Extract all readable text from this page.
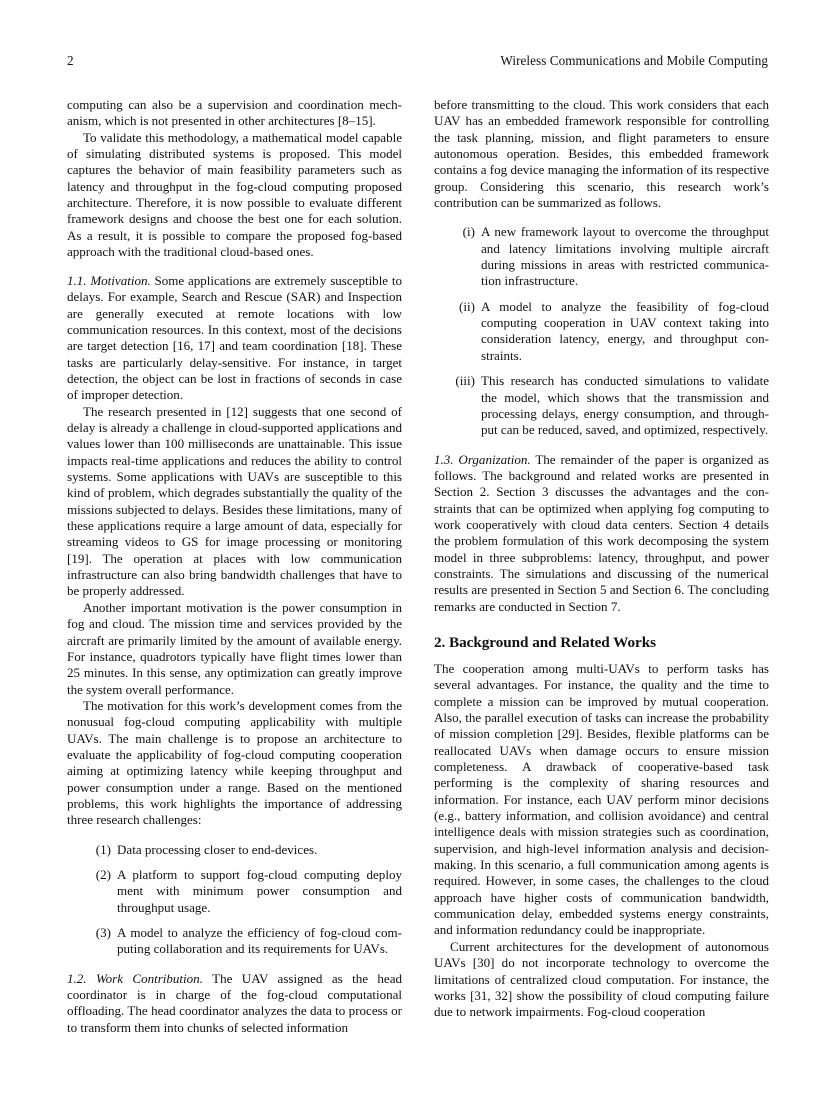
2	Wireless Communications and Mobile Computing

computing can also be a supervision and coordination mech anism, which is not presented in other architectures [8–15].

To validate this methodology, a mathematical model capable of simulating distributed systems is proposed. This model captures the behavior of main feasibility parameters such as latency and throughput in the fog-cloud computing proposed architecture. Therefore, it is now possible to evaluate different framework designs and choose the best one for each solution. As a result, it is possible to compare the proposed fog-based approach with the traditional cloud-based ones.

1.1. Motivation. Some applications are extremely susceptible to delays. For example, Search and Rescue (SAR) and Inspection are generally executed at remote locations with low communication resources. In this context, most of the decisions are target detection [16, 17] and team coordination [18]. These tasks are particularly delay-sensitive. For instance, in target detection, the object can be lost in fractions of seconds in case of improper detection.

The research presented in [12] suggests that one second of delay is already a challenge in cloud-supported applications and values lower than 100 milliseconds are unattainable. This issue impacts real-time applications and reduces the ability to control systems. Some applications with UAVs are susceptible to this kind of problem, which degrades substantially the quality of the missions subjected to delays. Besides these limitations, many of these applications require a large amount of data, especially for streaming videos to GS for image processing or monitoring [19]. The operation at places with low communication infrastructure can also bring bandwidth challenges that have to be properly addressed.

Another important motivation is the power consumption in fog and cloud. The mission time and services provided by the aircraft are primarily limited by the amount of available energy. For instance, quadrotors typically have flight times lower than 25 minutes. In this sense, any optimization can greatly improve the system overall performance.

The motivation for this work’s development comes from the nonusual fog-cloud computing applicability with multiple UAVs. The main challenge is to propose an architecture to evaluate the applicability of fog-cloud computing cooperation aiming at optimizing latency while keeping throughput and power consumption under a range. Based on the mentioned problems, this work highlights the importance of addressing three research challenges:

(1) Data processing closer to end-devices.
(2) A platform to support fog-cloud computing deploy ment with minimum power consumption and throughput usage.
(3) A model to analyze the efficiency of fog-cloud computing collaboration and its requirements for UAVs.

1.2. Work Contribution. The UAV assigned as the head coordinator is in charge of the fog-cloud computational offloading. The head coordinator analyzes the data to process or to transform them into chunks of selected information

before transmitting to the cloud. This work considers that each UAV has an embedded framework responsible for controlling the task planning, mission, and flight parameters to ensure autonomous operation. Besides, this embedded framework contains a fog device managing the information of its respective group. Considering this scenario, this research work’s contribution can be summarized as follows.

(i) A new framework layout to overcome the throughput and latency limitations involving multiple aircraft during missions in areas with restricted communication infrastructure.
(ii) A model to analyze the feasibility of fog-cloud computing cooperation in UAV context taking into consideration latency, energy, and throughput constraints.
(iii) This research has conducted simulations to validate the model, which shows that the transmission and processing delays, energy consumption, and throughput can be reduced, saved, and optimized, respectively.

1.3. Organization. The remainder of the paper is organized as follows. The background and related works are presented in Section 2. Section 3 discusses the advantages and the constraints that can be optimized when applying fog computing to work cooperatively with cloud data centers. Section 4 details the problem formulation of this work decomposing the system model in three subproblems: latency, throughput, and power constraints. The simulations and discussing of the numerical results are presented in Section 5 and Section 6. The concluding remarks are conducted in Section 7.

2. Background and Related Works

The cooperation among multi-UAVs to perform tasks has several advantages. For instance, the quality and the time to complete a mission can be improved by mutual cooperation. Also, the parallel execution of tasks can increase the probability of mission completion [29]. Besides, flexible platforms can be reallocated UAVs when damage occurs to ensure mission completeness. A drawback of cooperative-based task performing is the complexity of sharing resources and information. For instance, each UAV perform minor decisions (e.g., battery information, and collision avoidance) and central intelligence deals with mission strategies such as coordination, supervision, and high-level information analysis and decision-making. In this scenario, a full communication among agents is required. However, in some cases, the challenges to the cloud approach have higher costs of communication bandwidth, communication delay, embedded systems energy constraints, and information redundancy could be inappropriate.

Current architectures for the development of autonomous UAVs [30] do not incorporate technology to overcome the limitations of centralized cloud computation. For instance, the works [31, 32] show the possibility of cloud computing failure due to network impairments. Fog-cloud cooperation
